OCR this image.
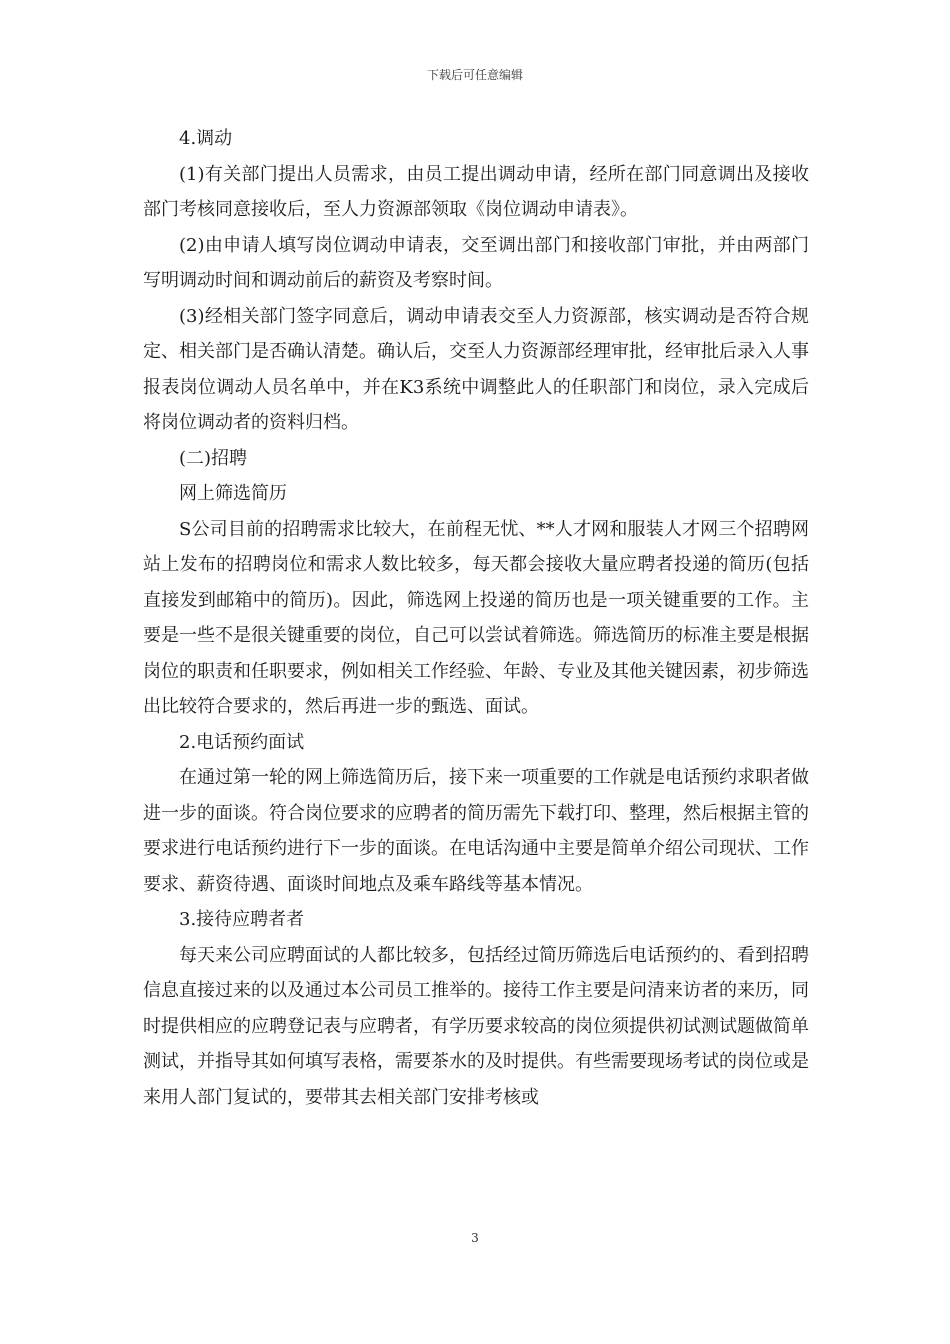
下载后可任意编辑

4.调动

(1)有关部门提出人员需求，由员工提出调动申请，经所在部门同意调出及接收部门考核同意接收后，至人力资源部领取《岗位调动申请表》。

(2)由申请人填写岗位调动申请表，交至调出部门和接收部门审批，并由两部门写明调动时间和调动前后的薪资及考察时间。

(3)经相关部门签字同意后，调动申请表交至人力资源部，核实调动是否符合规定、相关部门是否确认清楚。确认后，交至人力资源部经理审批，经审批后录入人事报表岗位调动人员名单中，并在K3系统中调整此人的任职部门和岗位，录入完成后将岗位调动者的资料归档。

(二)招聘

网上筛选简历

S公司目前的招聘需求比较大，在前程无忧、**人才网和服装人才网三个招聘网站上发布的招聘岗位和需求人数比较多，每天都会接收大量应聘者投递的简历(包括直接发到邮箱中的简历)。因此，筛选网上投递的简历也是一项关键重要的工作。主要是一些不是很关键重要的岗位，自己可以尝试着筛选。筛选简历的标准主要是根据岗位的职责和任职要求，例如相关工作经验、年龄、专业及其他关键因素，初步筛选出比较符合要求的，然后再进一步的甄选、面试。

2.电话预约面试

在通过第一轮的网上筛选简历后，接下来一项重要的工作就是电话预约求职者做进一步的面谈。符合岗位要求的应聘者的简历需先下载打印、整理，然后根据主管的要求进行电话预约进行下一步的面谈。在电话沟通中主要是简单介绍公司现状、工作要求、薪资待遇、面谈时间地点及乘车路线等基本情况。

3.接待应聘者者

每天来公司应聘面试的人都比较多，包括经过简历筛选后电话预约的、看到招聘信息直接过来的以及通过本公司员工推举的。接待工作主要是问清来访者的来历，同时提供相应的应聘登记表与应聘者，有学历要求较高的岗位须提供初试测试题做简单测试，并指导其如何填写表格，需要茶水的及时提供。有些需要现场考试的岗位或是来用人部门复试的，要带其去相关部门安排考核或

3
